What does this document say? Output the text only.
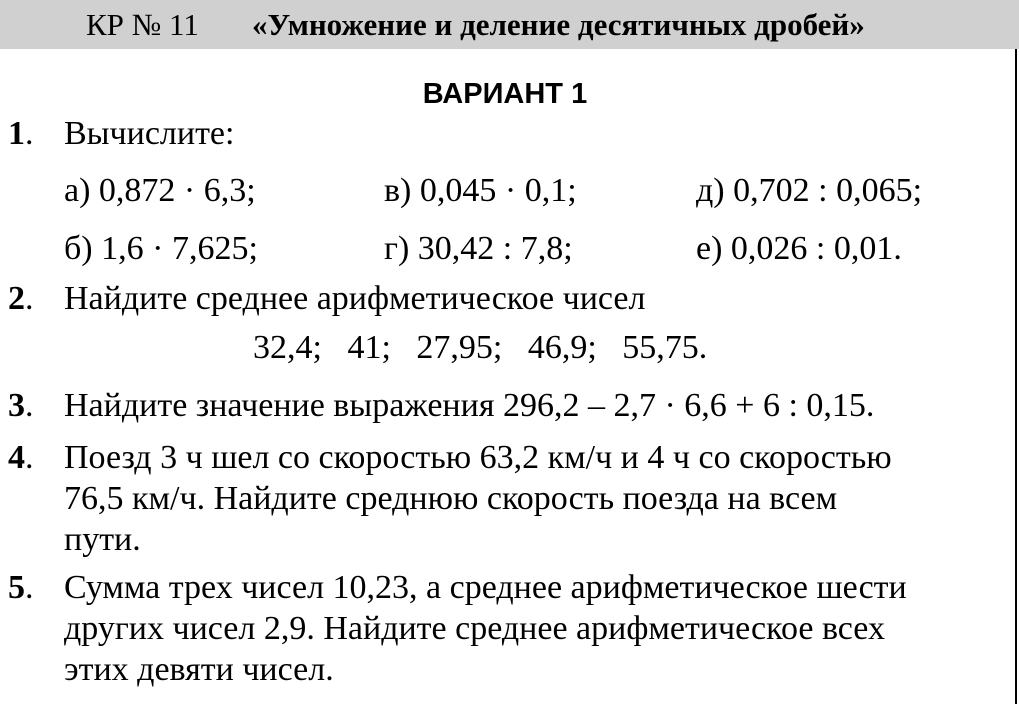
КР № 11 «Умножение и деление десятичных дробей»
ВАРИАНТ 1
1. Вычислите:
а) 0,872 · 6,3;	в) 0,045 · 0,1;	д) 0,702 : 0,065;
б) 1,6 · 7,625;	г) 30,42 : 7,8;	е) 0,026 : 0,01.
2. Найдите среднее арифметическое чисел
32,4;   41;   27,95;   46,9;   55,75.
3. Найдите значение выражения 296,2 – 2,7 · 6,6 + 6 : 0,15.
4. Поезд 3 ч шел со скоростью 63,2 км/ч и 4 ч со скоростью
76,5 км/ч. Найдите среднюю скорость поезда на всем
пути.
5. Сумма трех чисел 10,23, а среднее арифметическое шести
других чисел 2,9. Найдите среднее арифметическое всех
этих девяти чисел.
